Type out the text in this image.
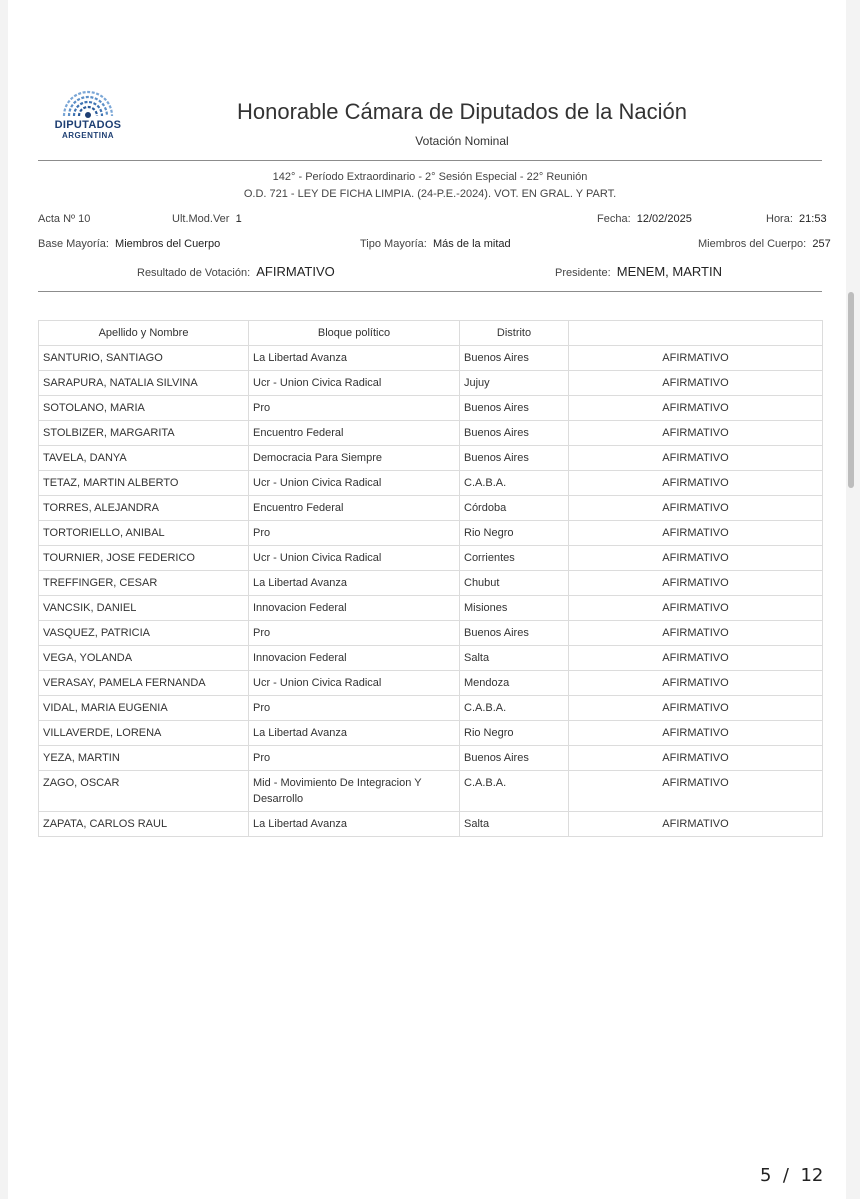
DIPUTADOS
ARGENTINA
Honorable Cámara de Diputados de la Nación
Votación Nominal
142° - Período Extraordinario - 2° Sesión Especial - 22° Reunión
O.D. 721 - LEY DE FICHA LIMPIA. (24-P.E.-2024). VOT. EN GRAL. Y PART.
Acta Nº 10	Ult.Mod.Ver 1	Fecha: 12/02/2025	Hora: 21:53
Base Mayoría: Miembros del Cuerpo	Tipo Mayoría: Más de la mitad	Miembros del Cuerpo: 257
Resultado de Votación: AFIRMATIVO	Presidente: MENEM, MARTIN
Apellido y Nombre	Bloque político	Distrito	
SANTURIO, SANTIAGO	La Libertad Avanza	Buenos Aires	AFIRMATIVO
SARAPURA, NATALIA SILVINA	Ucr - Union Civica Radical	Jujuy	AFIRMATIVO
SOTOLANO, MARIA	Pro	Buenos Aires	AFIRMATIVO
STOLBIZER, MARGARITA	Encuentro Federal	Buenos Aires	AFIRMATIVO
TAVELA, DANYA	Democracia Para Siempre	Buenos Aires	AFIRMATIVO
TETAZ, MARTIN ALBERTO	Ucr - Union Civica Radical	C.A.B.A.	AFIRMATIVO
TORRES, ALEJANDRA	Encuentro Federal	Córdoba	AFIRMATIVO
TORTORIELLO, ANIBAL	Pro	Rio Negro	AFIRMATIVO
TOURNIER, JOSE FEDERICO	Ucr - Union Civica Radical	Corrientes	AFIRMATIVO
TREFFINGER, CESAR	La Libertad Avanza	Chubut	AFIRMATIVO
VANCSIK, DANIEL	Innovacion Federal	Misiones	AFIRMATIVO
VASQUEZ, PATRICIA	Pro	Buenos Aires	AFIRMATIVO
VEGA, YOLANDA	Innovacion Federal	Salta	AFIRMATIVO
VERASAY, PAMELA FERNANDA	Ucr - Union Civica Radical	Mendoza	AFIRMATIVO
VIDAL, MARIA EUGENIA	Pro	C.A.B.A.	AFIRMATIVO
VILLAVERDE, LORENA	La Libertad Avanza	Rio Negro	AFIRMATIVO
YEZA, MARTIN	Pro	Buenos Aires	AFIRMATIVO
ZAGO, OSCAR	Mid - Movimiento De Integracion Y Desarrollo	C.A.B.A.	AFIRMATIVO
ZAPATA, CARLOS RAUL	La Libertad Avanza	Salta	AFIRMATIVO
5 / 12
